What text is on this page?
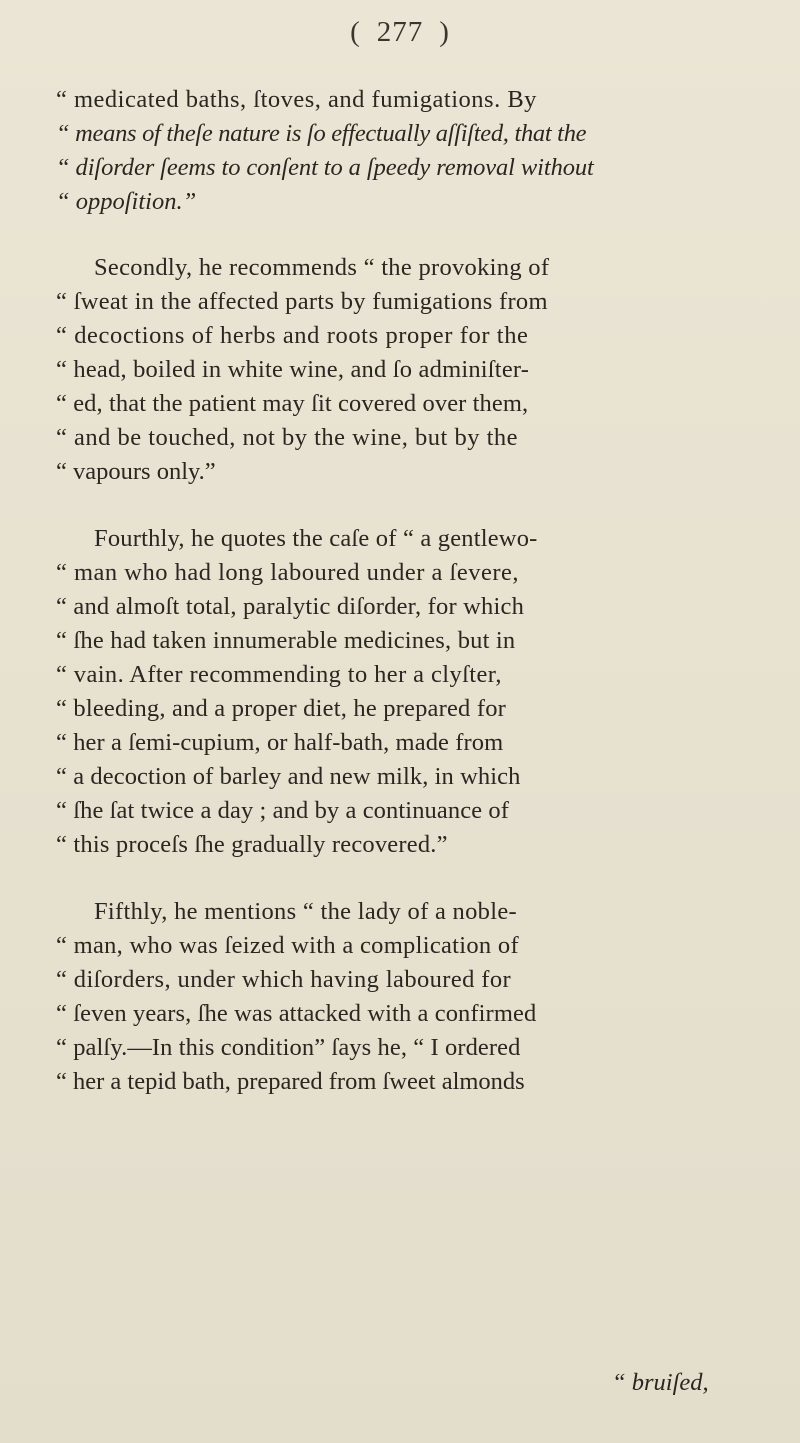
( 277 )
“ medicated baths, ſtoves, and fumigations. By
“ means of theſe nature is ſo effectually aſſiſted, that the
“ diſorder ſeems to conſent to a ſpeedy removal without
“ oppoſition.”
Secondly, he recommends “ the provoking of
“ ſweat in the affected parts by fumigations from
“ decoctions of herbs and roots proper for the
“ head, boiled in white wine, and ſo adminiſter-
“ ed, that the patient may ſit covered over them,
“ and be touched, not by the wine, but by the
“ vapours only.”
Fourthly, he quotes the caſe of “ a gentlewo-
“ man who had long laboured under a ſevere,
“ and almoſt total, paralytic diſorder, for which
“ ſhe had taken innumerable medicines, but in
“ vain. After recommending to her a clyſter,
“ bleeding, and a proper diet, he prepared for
“ her a ſemi-cupium, or half-bath, made from
“ a decoction of barley and new milk, in which
“ ſhe ſat twice a day ; and by a continuance of
“ this proceſs ſhe gradually recovered.”
Fifthly, he mentions “ the lady of a noble-
“ man, who was ſeized with a complication of
“ diſorders, under which having laboured for
“ ſeven years, ſhe was attacked with a confirmed
“ palſy.—In this condition” ſays he, “ I ordered
“ her a tepid bath, prepared from ſweet almonds
“ bruiſed,
